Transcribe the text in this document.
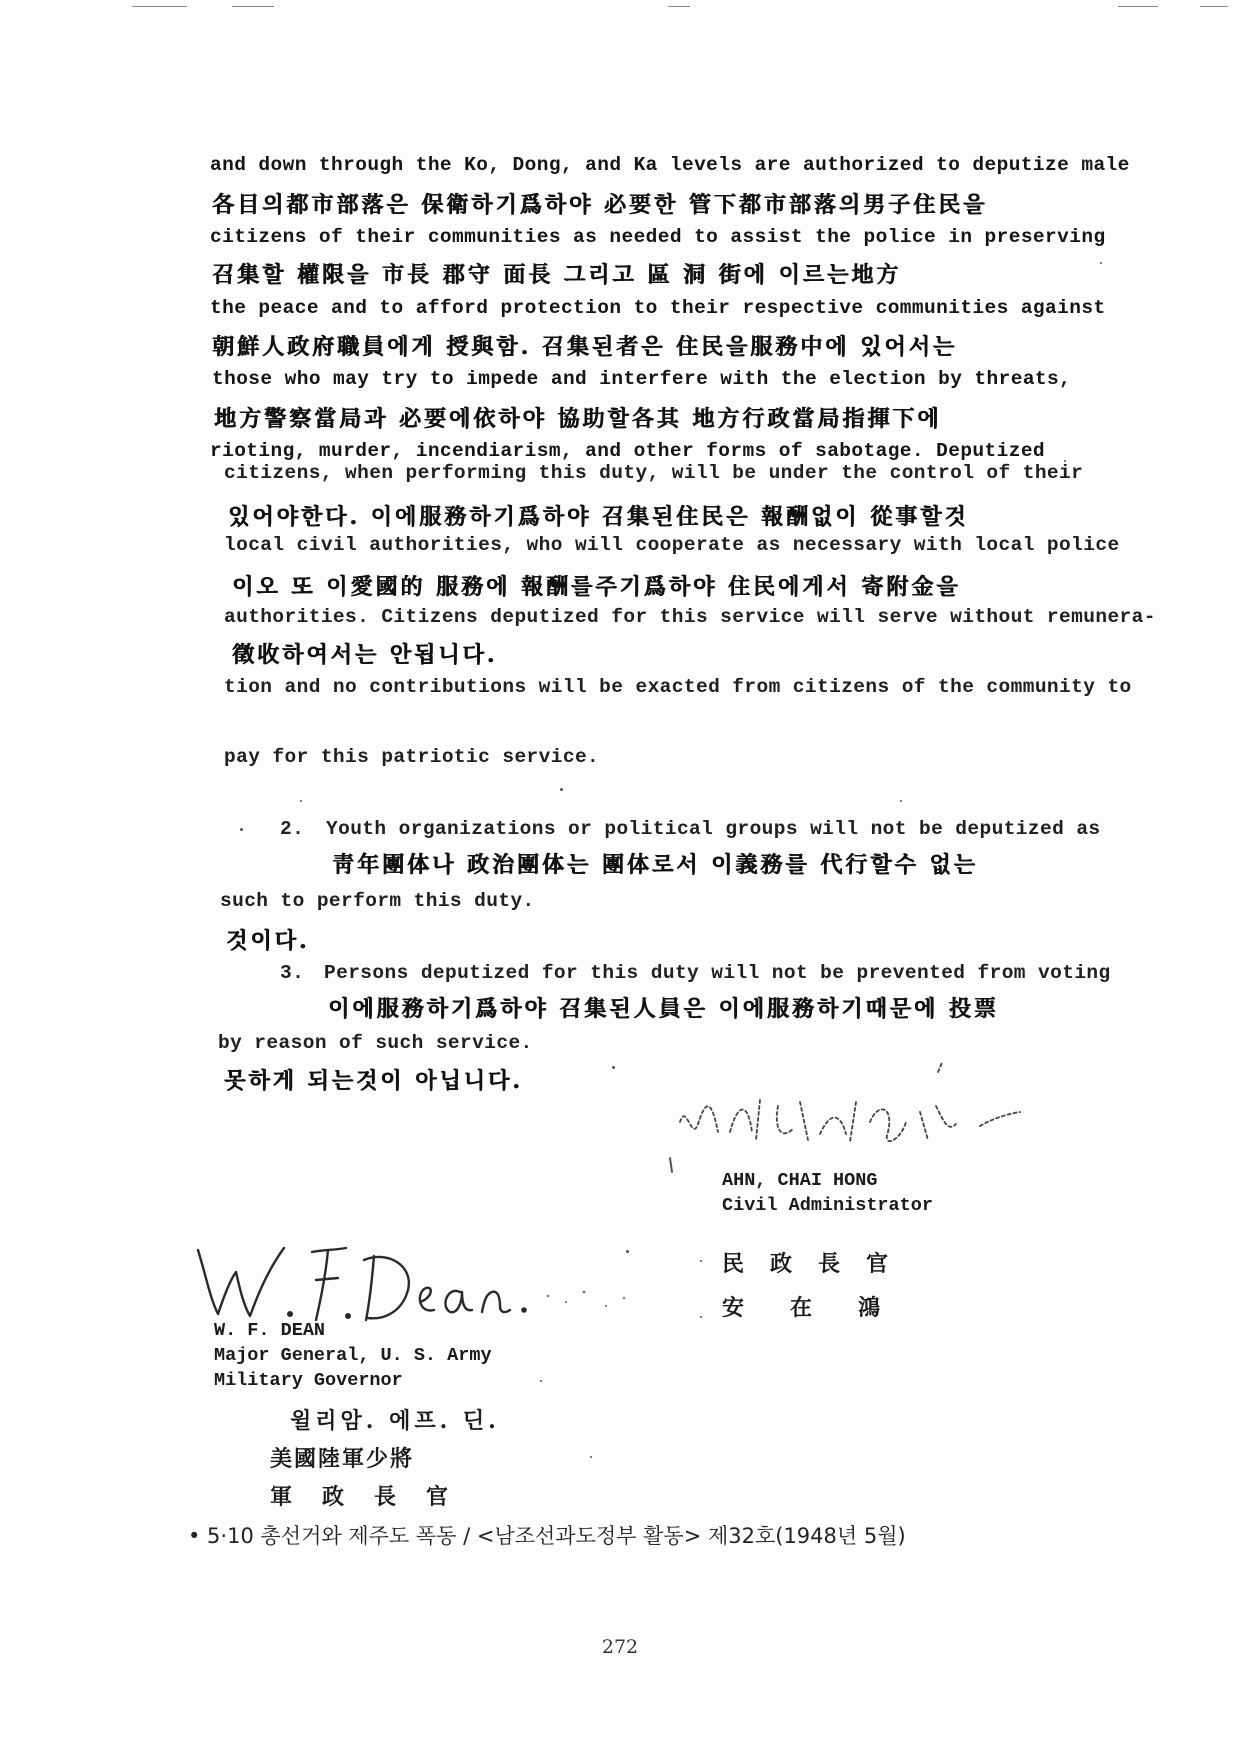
and down through the Ko, Dong, and Ka levels are authorized to deputize male
各目의都市部落은 保衛하기爲하야 必要한 管下都市部落의男子住民을
citizens of their communities as needed to assist the police in preserving
召集할 權限을 市長 郡守 面長 그리고 區 洞 街에 이르는地方
the peace and to afford protection to their respective communities against
朝鮮人政府職員에게 授與함. 召集된者은 住民을服務中에 있어서는
those who may try to impede and interfere with the election by threats,
地方警察當局과 必要에依하야 協助할各其 地方行政當局指揮下에
rioting, murder, incendiarism, and other forms of sabotage. Deputized
citizens, when performing this duty, will be under the control of their
있어야한다. 이에服務하기爲하야 召集된住民은 報酬없이 從事할것
local civil authorities, who will cooperate as necessary with local police
이오 또 이愛國的 服務에 報酬를주기爲하야 住民에게서 寄附金을
authorities. Citizens deputized for this service will serve without remunera-
徵收하여서는 안됩니다.
tion and no contributions will be exacted from citizens of the community to
pay for this patriotic service.
2. Youth organizations or political groups will not be deputized as
靑年團体나 政治團体는 團体로서 이義務를 代行할수 없는
such to perform this duty.
것이다.
3. Persons deputized for this duty will not be prevented from voting
이에服務하기爲하야 召集된人員은 이에服務하기때문에 投票
by reason of such service.
못하게 되는것이 아닙니다.
AHN, CHAI HONG
Civil Administrator
民政長官
安在鴻
W. F. DEAN
Major General, U. S. Army
Military Governor
윌리암. 에프. 딘.
美國陸軍少將
軍政長官
• 5·10 총선거와 제주도 폭동 / <남조선과도정부 활동> 제32호(1948년 5월)
272
